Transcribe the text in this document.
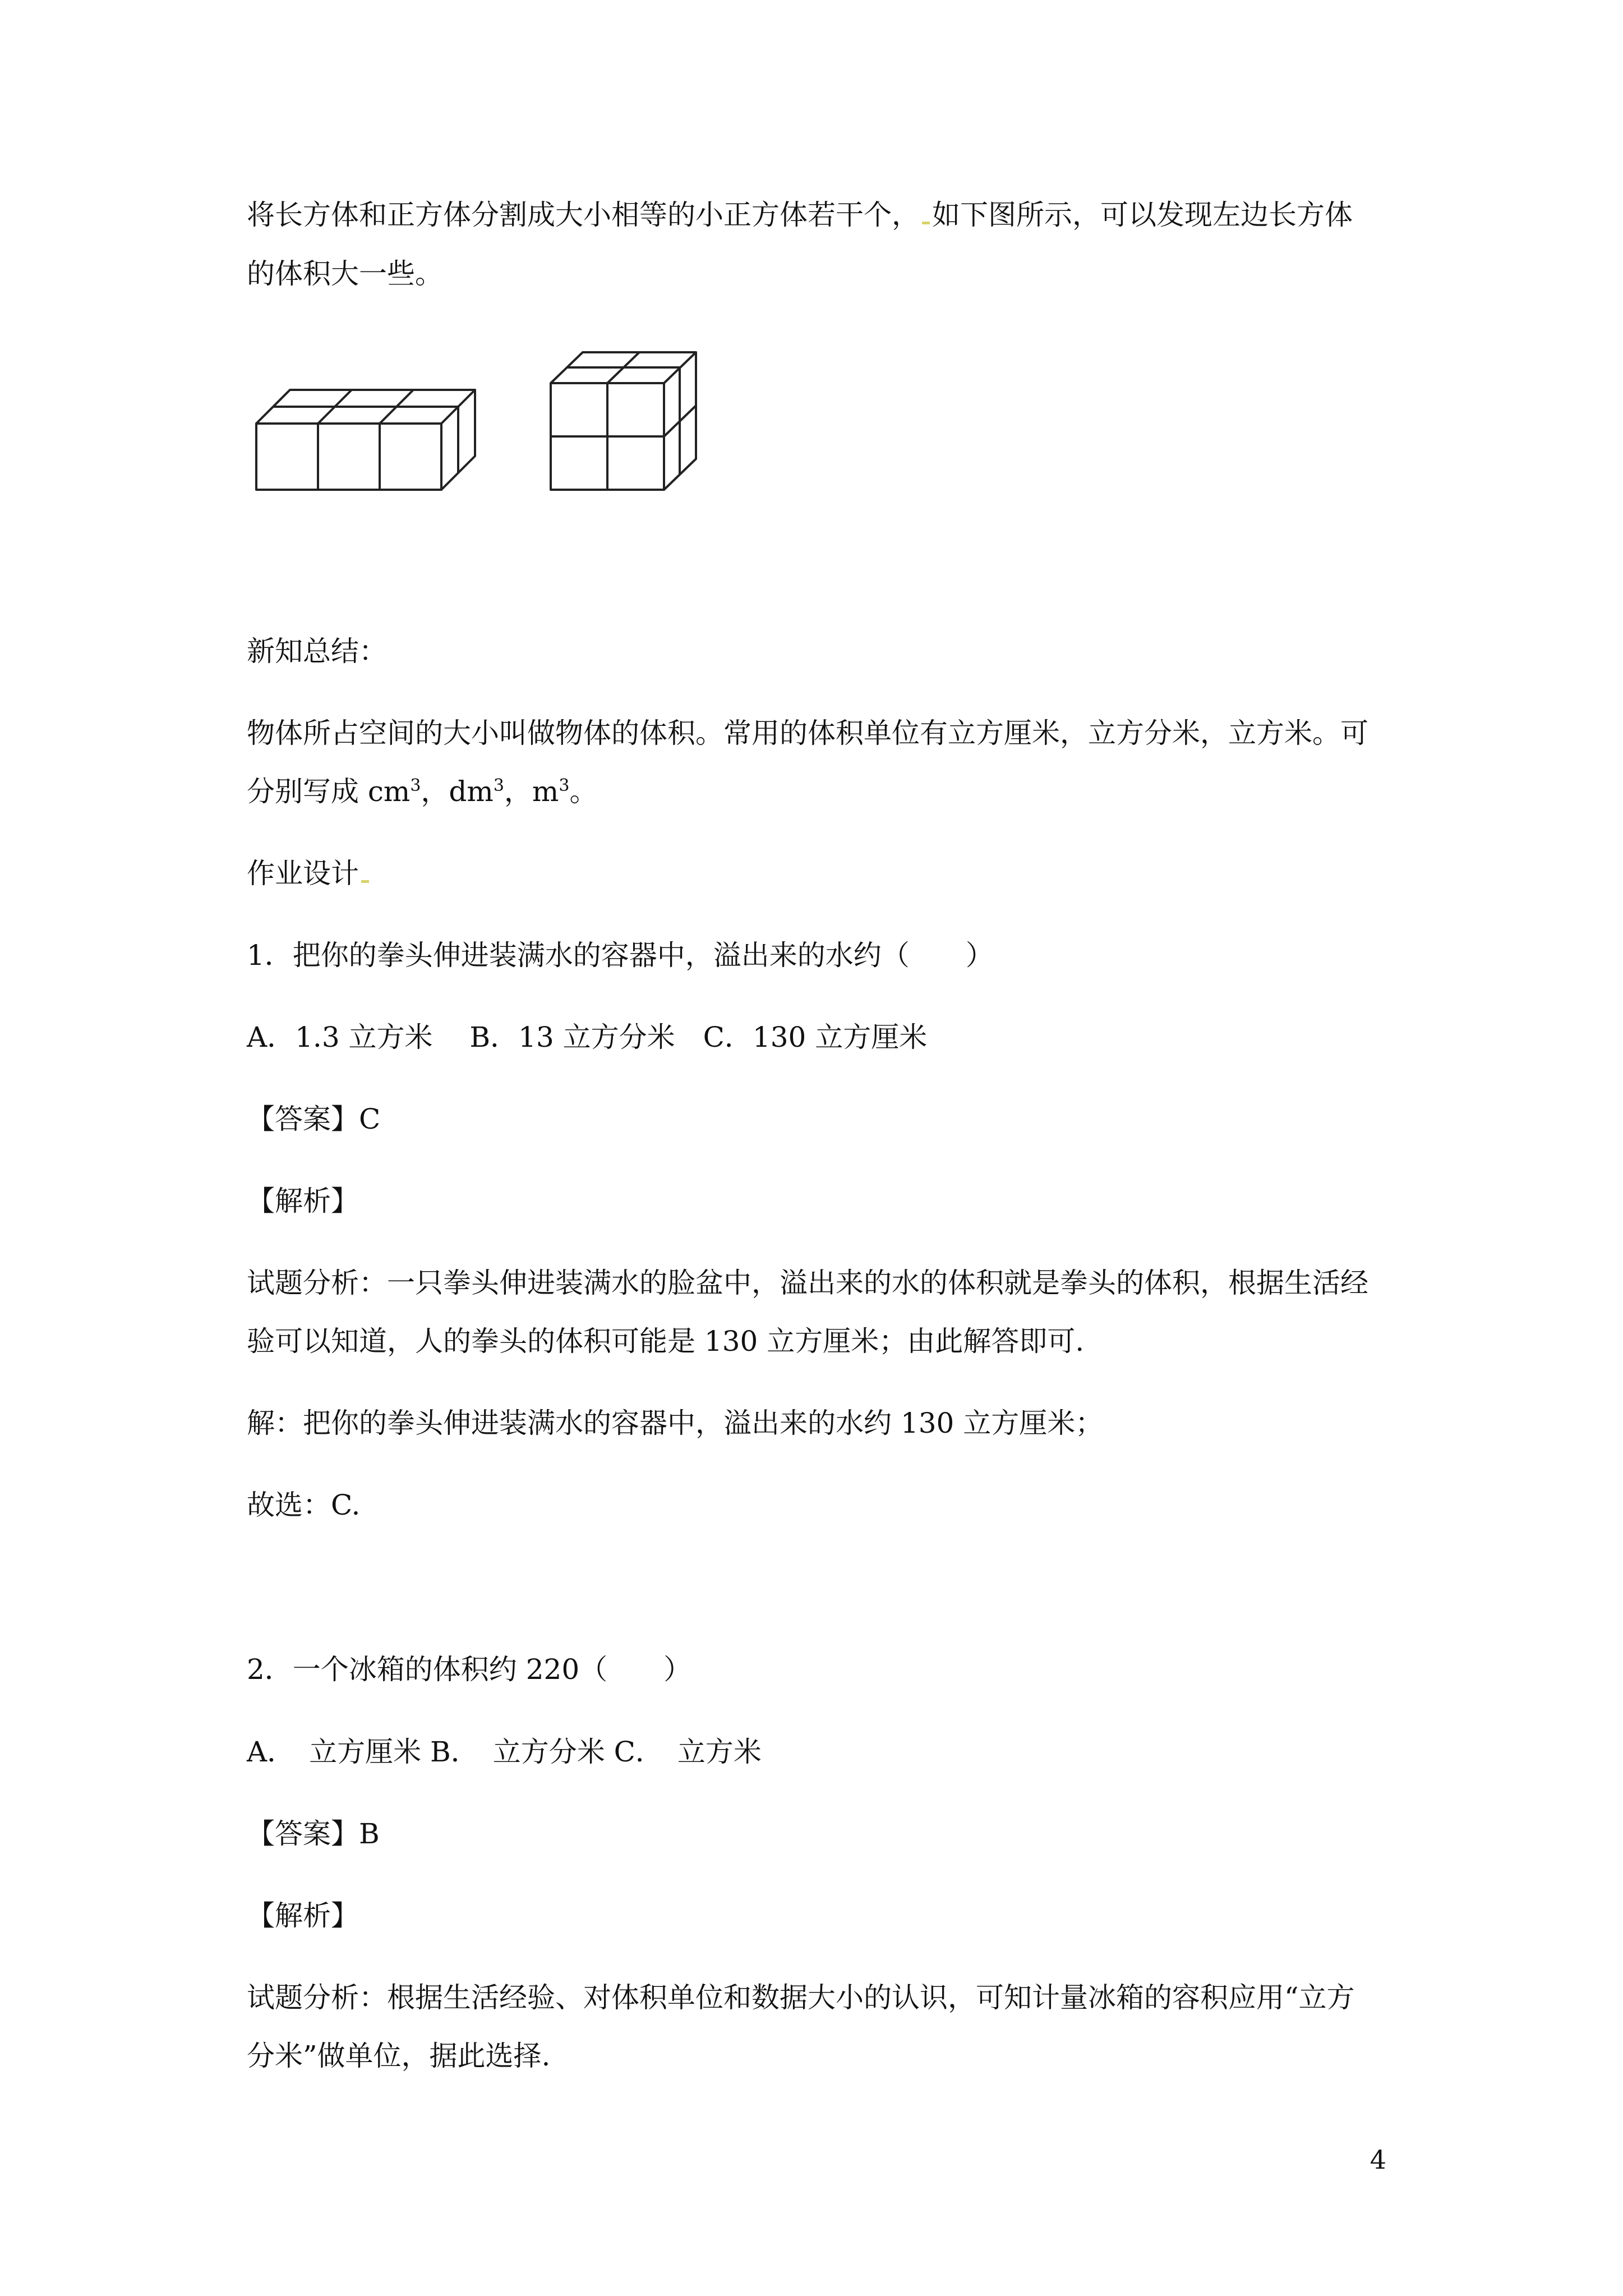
将长方体和正方体分割成大小相等的小正方体若干个， 如下图所示，可以发现左边长方体

的体积大一些。

新知总结：

物体所占空间的大小叫做物体的体积。常用的体积单位有立方厘米，立方分米，立方米。可

分别写成 $cm^3$，$dm^3$，$m^3$。

作业设计

1．把你的拳头伸进装满水的容器中，溢出来的水约（　　）

A．1.3 立方米　 B．13 立方分米　C．130 立方厘米

【答案】C

【解析】

试题分析：一只拳头伸进装满水的脸盆中，溢出来的水的体积就是拳头的体积，根据生活经

验可以知道，人的拳头的体积可能是 130 立方厘米；由此解答即可.

解：把你的拳头伸进装满水的容器中，溢出来的水约 130 立方厘米；

故选：C.

2．一个冰箱的体积约 220（　　）

A．　立方厘米 B．　立方分米 C．　立方米

【答案】B

【解析】

试题分析：根据生活经验、对体积单位和数据大小的认识，可知计量冰箱的容积应用“立方

分米”做单位，据此选择.

4
